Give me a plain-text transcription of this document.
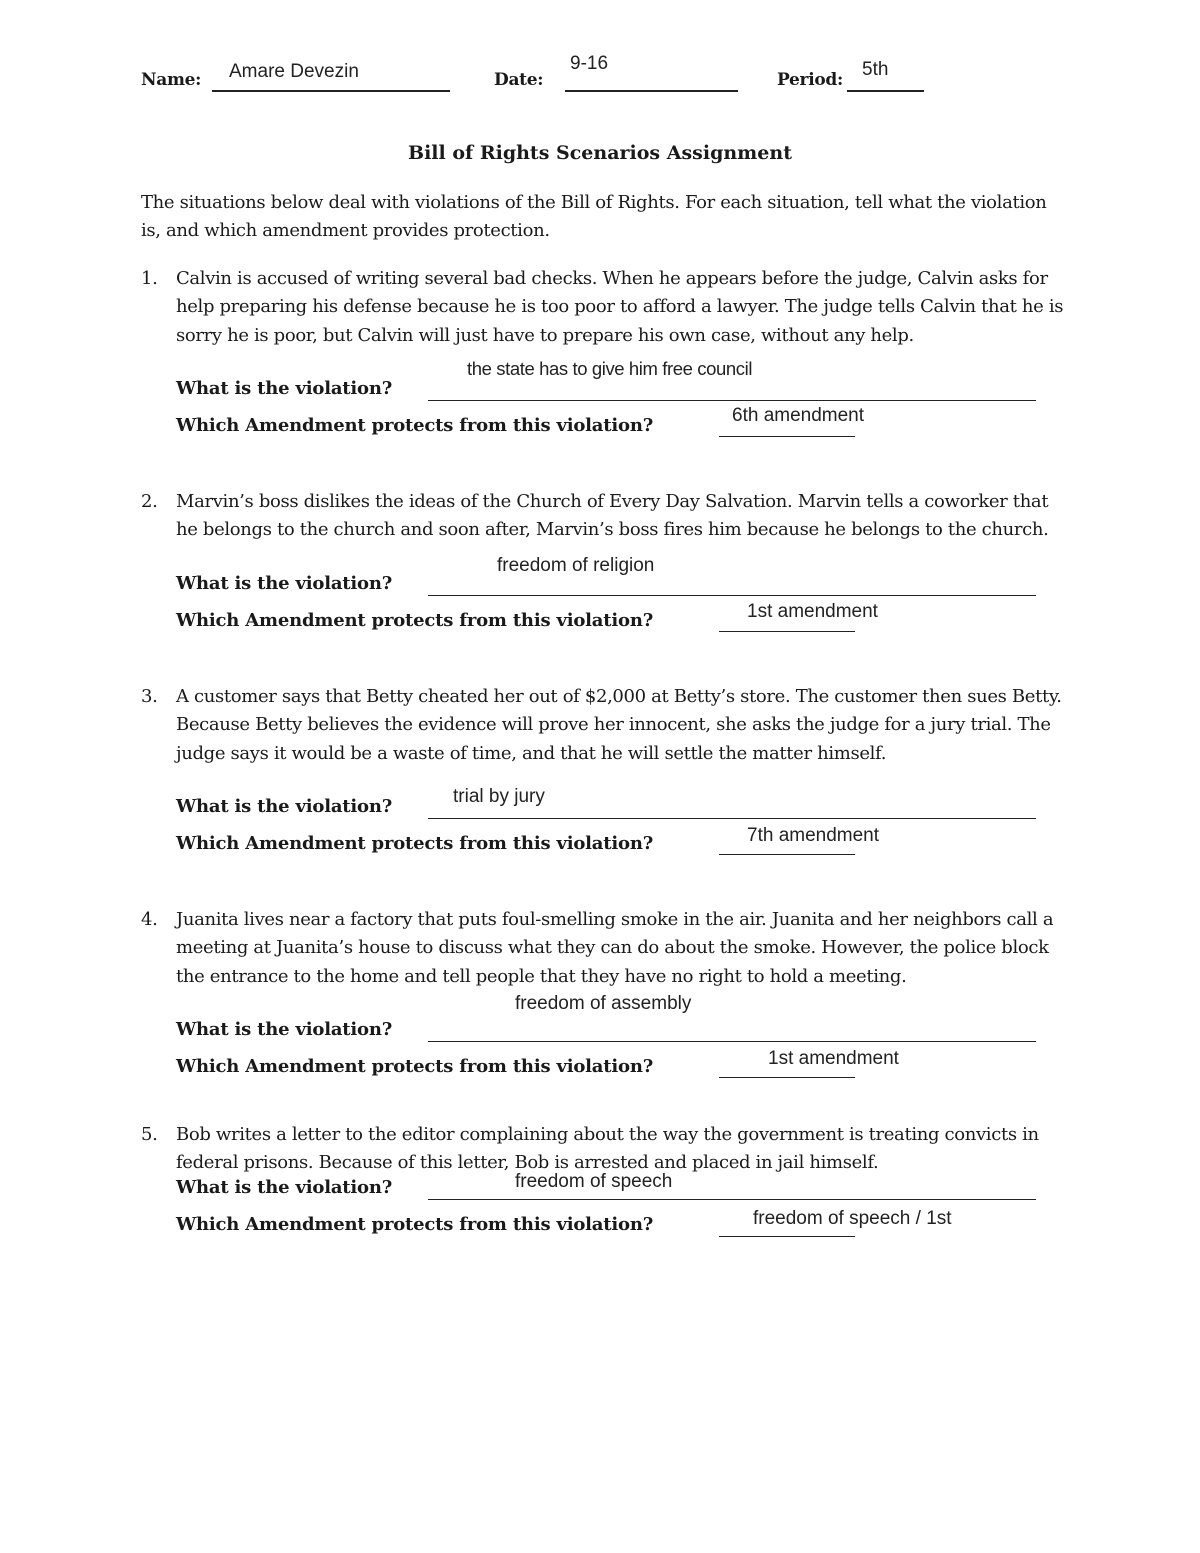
Name: Amare Devezin	Date:
9-16
Period: 5th
Bill of Rights Scenarios Assignment
The situations below deal with violations of the Bill of Rights. For each situation, tell what the violation is, and which amendment provides protection.
1. Calvin is accused of writing several bad checks. When he appears before the judge, Calvin asks for help preparing his defense because he is too poor to afford a lawyer. The judge tells Calvin that he is sorry he is poor, but Calvin will just have to prepare his own case, without any help.
What is the violation?
the state has to give him free council
Which Amendment protects from this violation?	6th amendment
2. Marvin’s boss dislikes the ideas of the Church of Every Day Salvation. Marvin tells a coworker that he belongs to the church and soon after, Marvin’s boss fires him because he belongs to the church.
What is the violation?
freedom of religion
Which Amendment protects from this violation?	1st amendment
3. A customer says that Betty cheated her out of $2,000 at Betty’s store. The customer then sues Betty. Because Betty believes the evidence will prove her innocent, she asks the judge for a jury trial. The judge says it would be a waste of time, and that he will settle the matter himself.
What is the violation?	trial by jury
Which Amendment protects from this violation?	7th amendment
4. Juanita lives near a factory that puts foul-smelling smoke in the air. Juanita and her neighbors call a meeting at Juanita’s house to discuss what they can do about the smoke. However, the police block the entrance to the home and tell people that they have no right to hold a meeting.
What is the violation?
freedom of assembly
Which Amendment protects from this violation?	1st amendment
5. Bob writes a letter to the editor complaining about the way the government is treating convicts in federal prisons. Because of this letter, Bob is arrested and placed in jail himself.
What is the violation?	freedom of speech
Which Amendment protects from this violation?	freedom of speech / 1st
